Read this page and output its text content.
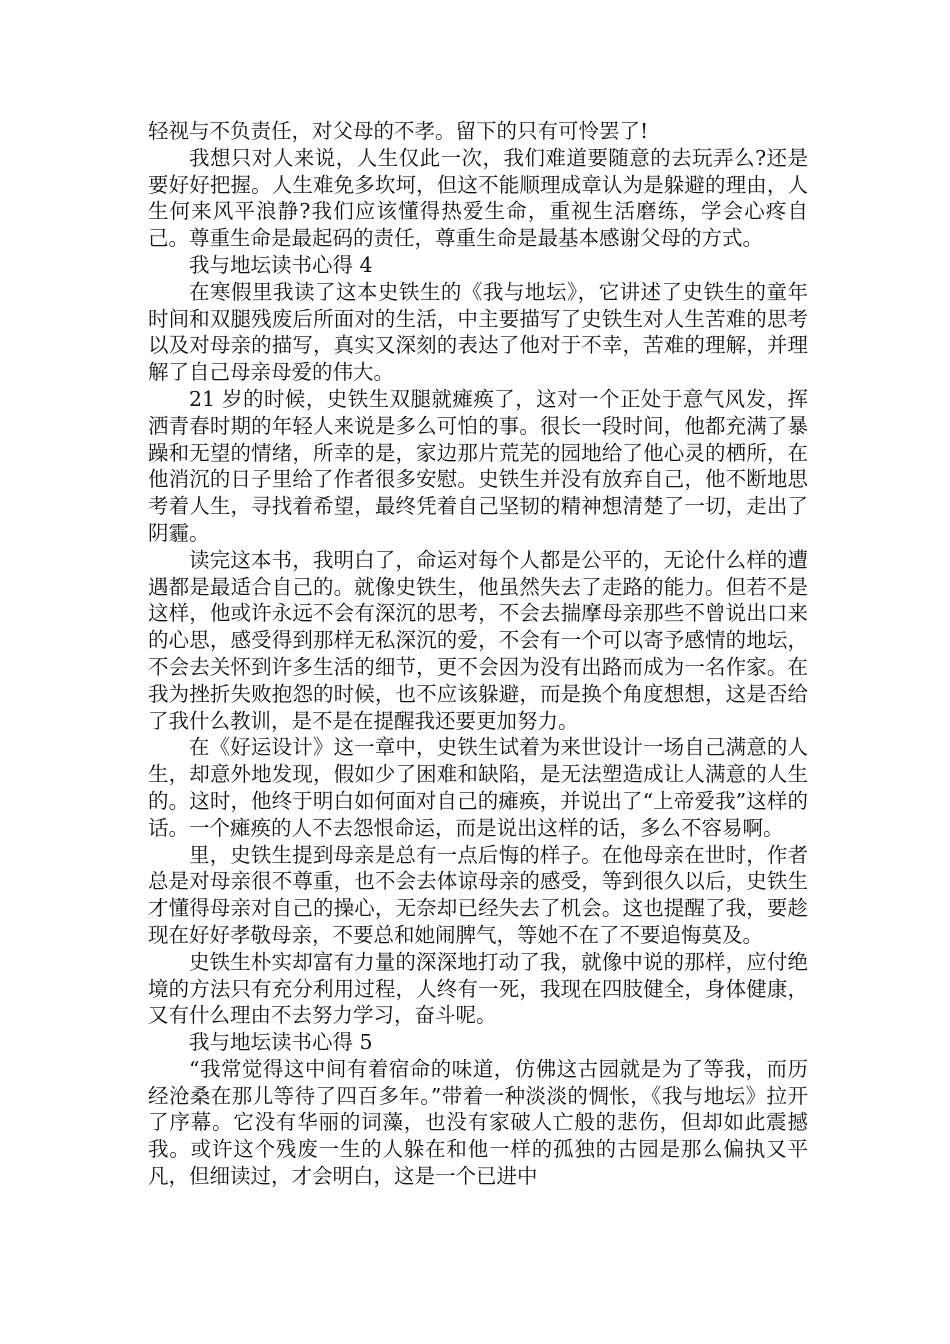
轻视与不负责任，对父母的不孝。留下的只有可怜罢了!

我想只对人来说，人生仅此一次，我们难道要随意的去玩弄么?还是要好好把握。人生难免多坎坷，但这不能顺理成章认为是躲避的理由，人生何来风平浪静?我们应该懂得热爱生命，重视生活磨练，学会心疼自己。尊重生命是最起码的责任，尊重生命是最基本感谢父母的方式。

我与地坛读书心得 4

在寒假里我读了这本史铁生的《我与地坛》，它讲述了史铁生的童年时间和双腿残废后所面对的生活，中主要描写了史铁生对人生苦难的思考以及对母亲的描写，真实又深刻的表达了他对于不幸，苦难的理解，并理解了自己母亲母爱的伟大。

21 岁的时候，史铁生双腿就瘫痪了，这对一个正处于意气风发，挥洒青春时期的年轻人来说是多么可怕的事。很长一段时间，他都充满了暴躁和无望的情绪，所幸的是，家边那片荒芜的园地给了他心灵的栖所，在他消沉的日子里给了作者很多安慰。史铁生并没有放弃自己，他不断地思考着人生，寻找着希望，最终凭着自己坚韧的精神想清楚了一切，走出了阴霾。

读完这本书，我明白了，命运对每个人都是公平的，无论什么样的遭遇都是最适合自己的。就像史铁生，他虽然失去了走路的能力。但若不是这样，他或许永远不会有深沉的思考，不会去揣摩母亲那些不曾说出口来的心思，感受得到那样无私深沉的爱，不会有一个可以寄予感情的地坛，不会去关怀到许多生活的细节，更不会因为没有出路而成为一名作家。在我为挫折失败抱怨的时候，也不应该躲避，而是换个角度想想，这是否给了我什么教训，是不是在提醒我还要更加努力。

在《好运设计》这一章中，史铁生试着为来世设计一场自己满意的人生，却意外地发现，假如少了困难和缺陷，是无法塑造成让人满意的人生的。这时，他终于明白如何面对自己的瘫痪，并说出了“上帝爱我”这样的话。一个瘫痪的人不去怨恨命运，而是说出这样的话，多么不容易啊。

里，史铁生提到母亲是总有一点后悔的样子。在他母亲在世时，作者总是对母亲很不尊重，也不会去体谅母亲的感受，等到很久以后，史铁生才懂得母亲对自己的操心，无奈却已经失去了机会。这也提醒了我，要趁现在好好孝敬母亲，不要总和她闹脾气，等她不在了不要追悔莫及。

史铁生朴实却富有力量的深深地打动了我，就像中说的那样，应付绝境的方法只有充分利用过程，人终有一死，我现在四肢健全，身体健康，又有什么理由不去努力学习，奋斗呢。

我与地坛读书心得 5

“我常觉得这中间有着宿命的味道，仿佛这古园就是为了等我，而历经沧桑在那儿等待了四百多年。”带着一种淡淡的惆怅，《我与地坛》拉开了序幕。它没有华丽的词藻，也没有家破人亡般的悲伤，但却如此震撼我。或许这个残废一生的人躲在和他一样的孤独的古园是那么偏执又平凡，但细读过，才会明白，这是一个已进中
